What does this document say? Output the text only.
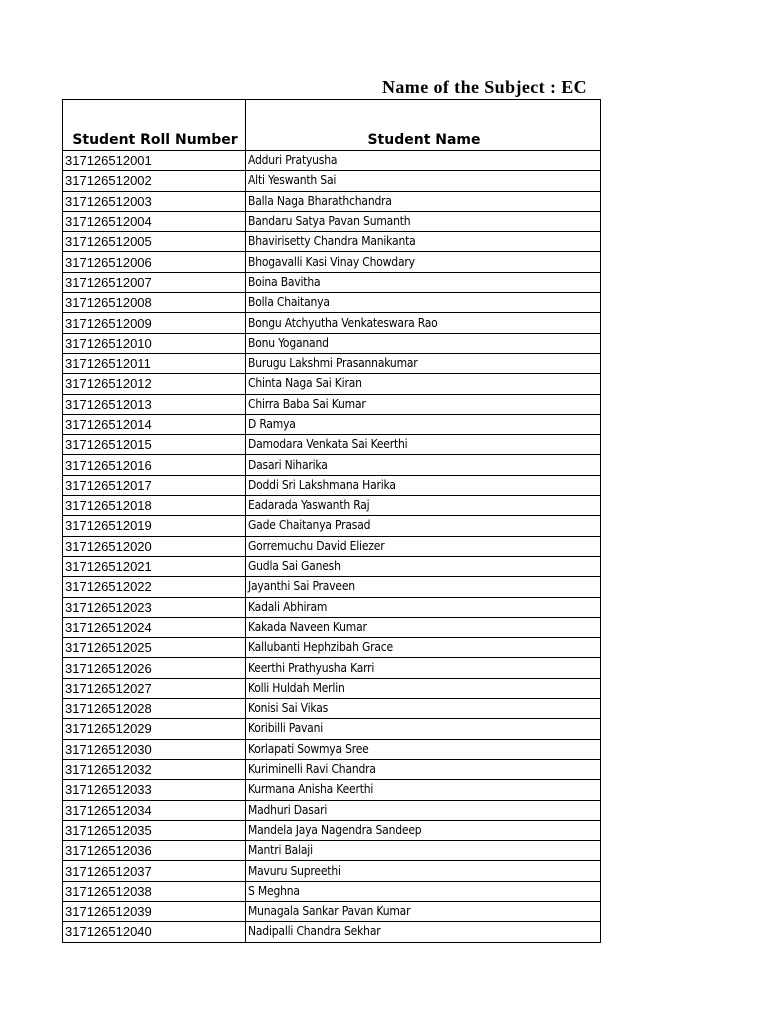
Name of the Subject : EC
Student Roll Number	Student Name
317126512001	Adduri Pratyusha
317126512002	Alti Yeswanth Sai
317126512003	Balla Naga Bharathchandra
317126512004	Bandaru Satya Pavan Sumanth
317126512005	Bhavirisetty Chandra Manikanta
317126512006	Bhogavalli Kasi Vinay Chowdary
317126512007	Boina Bavitha
317126512008	Bolla Chaitanya
317126512009	Bongu Atchyutha Venkateswara Rao
317126512010	Bonu Yoganand
317126512011	Burugu Lakshmi Prasannakumar
317126512012	Chinta Naga Sai Kiran
317126512013	Chirra Baba Sai Kumar
317126512014	D Ramya
317126512015	Damodara Venkata Sai Keerthi
317126512016	Dasari Niharika
317126512017	Doddi Sri Lakshmana Harika
317126512018	Eadarada Yaswanth Raj
317126512019	Gade Chaitanya Prasad
317126512020	Gorremuchu David Eliezer
317126512021	Gudla Sai Ganesh
317126512022	Jayanthi Sai Praveen
317126512023	Kadali Abhiram
317126512024	Kakada Naveen Kumar
317126512025	Kallubanti Hephzibah Grace
317126512026	Keerthi Prathyusha Karri
317126512027	Kolli Huldah Merlin
317126512028	Konisi Sai Vikas
317126512029	Koribilli Pavani
317126512030	Korlapati Sowmya Sree
317126512032	Kuriminelli Ravi Chandra
317126512033	Kurmana Anisha Keerthi
317126512034	Madhuri Dasari
317126512035	Mandela Jaya Nagendra Sandeep
317126512036	Mantri Balaji
317126512037	Mavuru Supreethi
317126512038	S Meghna
317126512039	Munagala Sankar Pavan Kumar
317126512040	Nadipalli Chandra Sekhar
